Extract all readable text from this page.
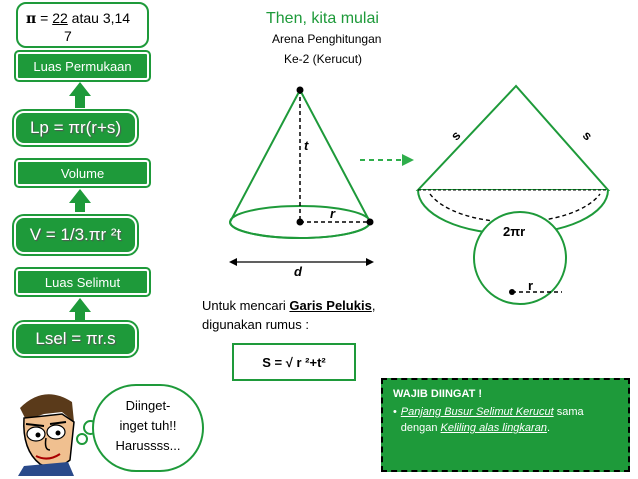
π = 22 atau 3,14
7
Luas Permukaan
Lp = πr(r+s)
Volume
V = 1/3.πr ²t
Luas Selimut
Lsel = πr.s
Then, kita mulai
Arena Penghitungan
Ke-2 (Kerucut)
t
r
d
s	s
2πr
r
Untuk mencari Garis Pelukis,
digunakan rumus :
S = √ r ²+t²
Diinget-
inget tuh!!
Harussss...
WAJIB DIINGAT !
• Panjang Busur Selimut Kerucut sama dengan Keliling alas lingkaran.
